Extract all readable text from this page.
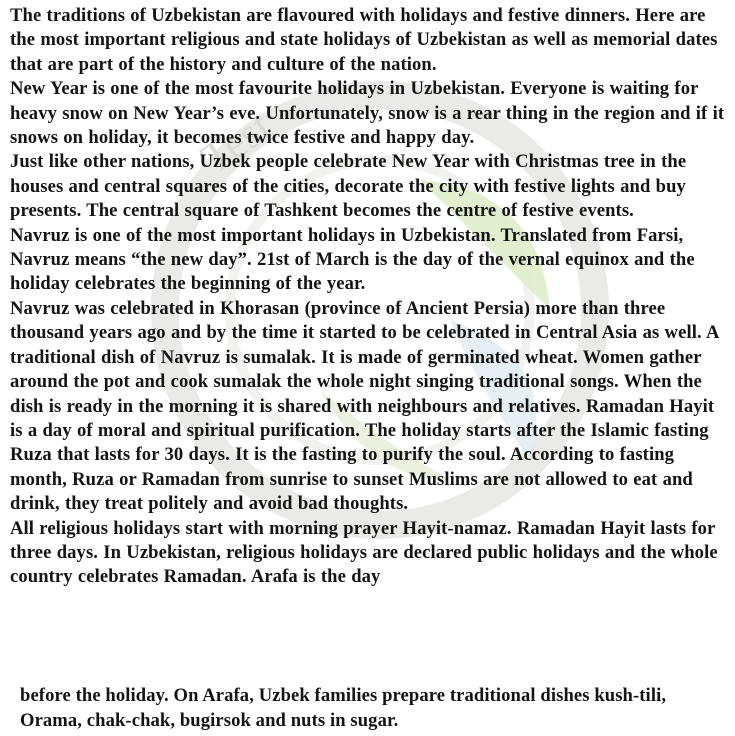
Test

The traditions of Uzbekistan are flavoured with holidays and festive dinners. Here are the most important religious and state holidays of Uzbekistan as well as memorial dates that are part of the history and culture of the nation.

New Year is one of the most favourite holidays in Uzbekistan. Everyone is waiting for heavy snow on New Year’s eve. Unfortunately, snow is a rear thing in the region and if it snows on holiday, it becomes twice festive and happy day.

Just like other nations, Uzbek people celebrate New Year with Christmas tree in the houses and central squares of the cities, decorate the city with festive lights and buy presents. The central square of Tashkent becomes the centre of festive events.

Navruz is one of the most important holidays in Uzbekistan. Translated from Farsi, Navruz means “the new day”. 21st of March is the day of the vernal equinox and the holiday celebrates the beginning of the year.

Navruz was celebrated in Khorasan (province of Ancient Persia) more than three thousand years ago and by the time it started to be celebrated in Central Asia as well. A traditional dish of Navruz is sumalak. It is made of germinated wheat. Women gather around the pot and cook sumalak the whole night singing traditional songs. When the dish is ready in the morning it is shared with neighbours and relatives. Ramadan Hayit is a day of moral and spiritual purification. The holiday starts after the Islamic fasting Ruza that lasts for 30 days. It is the fasting to purify the soul. According to fasting month, Ruza or Ramadan from sunrise to sunset Muslims are not allowed to eat and drink, they treat politely and avoid bad thoughts.

All religious holidays start with morning prayer Hayit-namaz. Ramadan Hayit lasts for three days. In Uzbekistan, religious holidays are declared public holidays and the whole country celebrates Ramadan. Arafa is the day

before the holiday. On Arafa, Uzbek families prepare traditional dishes kush-tili, Orama, chak-chak, bugirsok and nuts in sugar.
